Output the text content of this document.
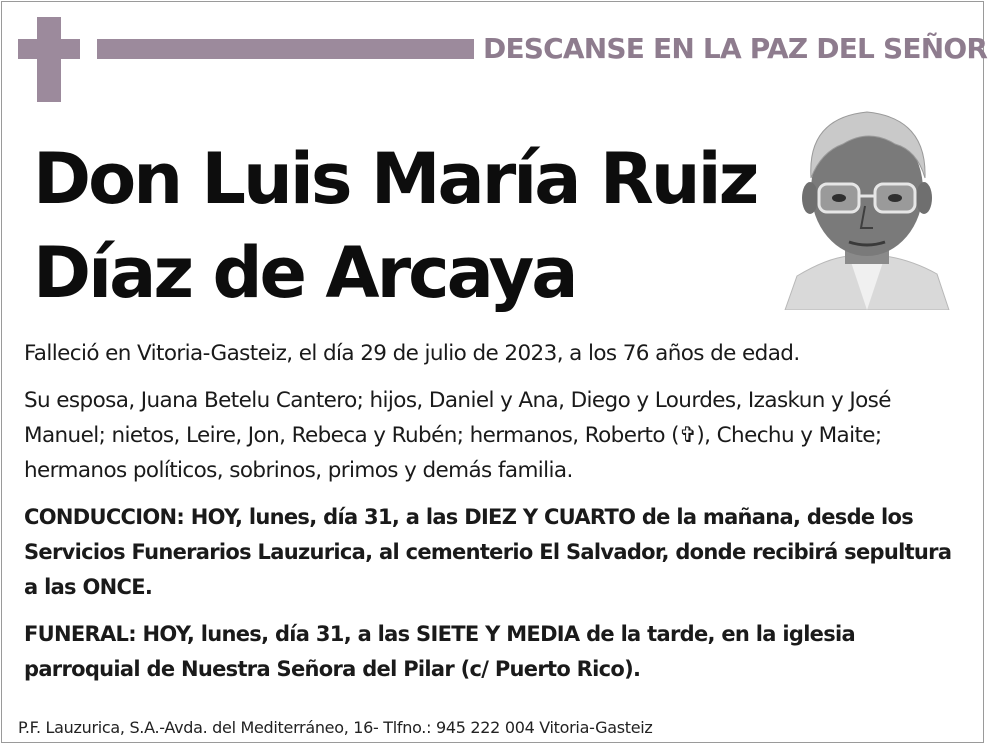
DESCANSE EN LA PAZ DEL SEÑOR
Don Luis María Ruiz
Díaz de Arcaya

Falleció en Vitoria-Gasteiz, el día 29 de julio de 2023, a los 76 años de edad.

Su esposa, Juana Betelu Cantero; hijos, Daniel y Ana, Diego y Lourdes, Izaskun y José Manuel; nietos, Leire, Jon, Rebeca y Rubén; hermanos, Roberto (✞), Chechu y Maite; hermanos políticos, sobrinos, primos y demás familia.

CONDUCCION: HOY, lunes, día 31, a las DIEZ Y CUARTO de la mañana, desde los Servicios Funerarios Lauzurica, al cementerio El Salvador, donde recibirá sepultura a las ONCE.

FUNERAL: HOY, lunes, día 31, a las SIETE Y MEDIA de la tarde, en la iglesia parroquial de Nuestra Señora del Pilar (c/ Puerto Rico).

P.F. Lauzurica, S.A.-Avda. del Mediterráneo, 16- Tlfno.: 945 222 004 Vitoria-Gasteiz
